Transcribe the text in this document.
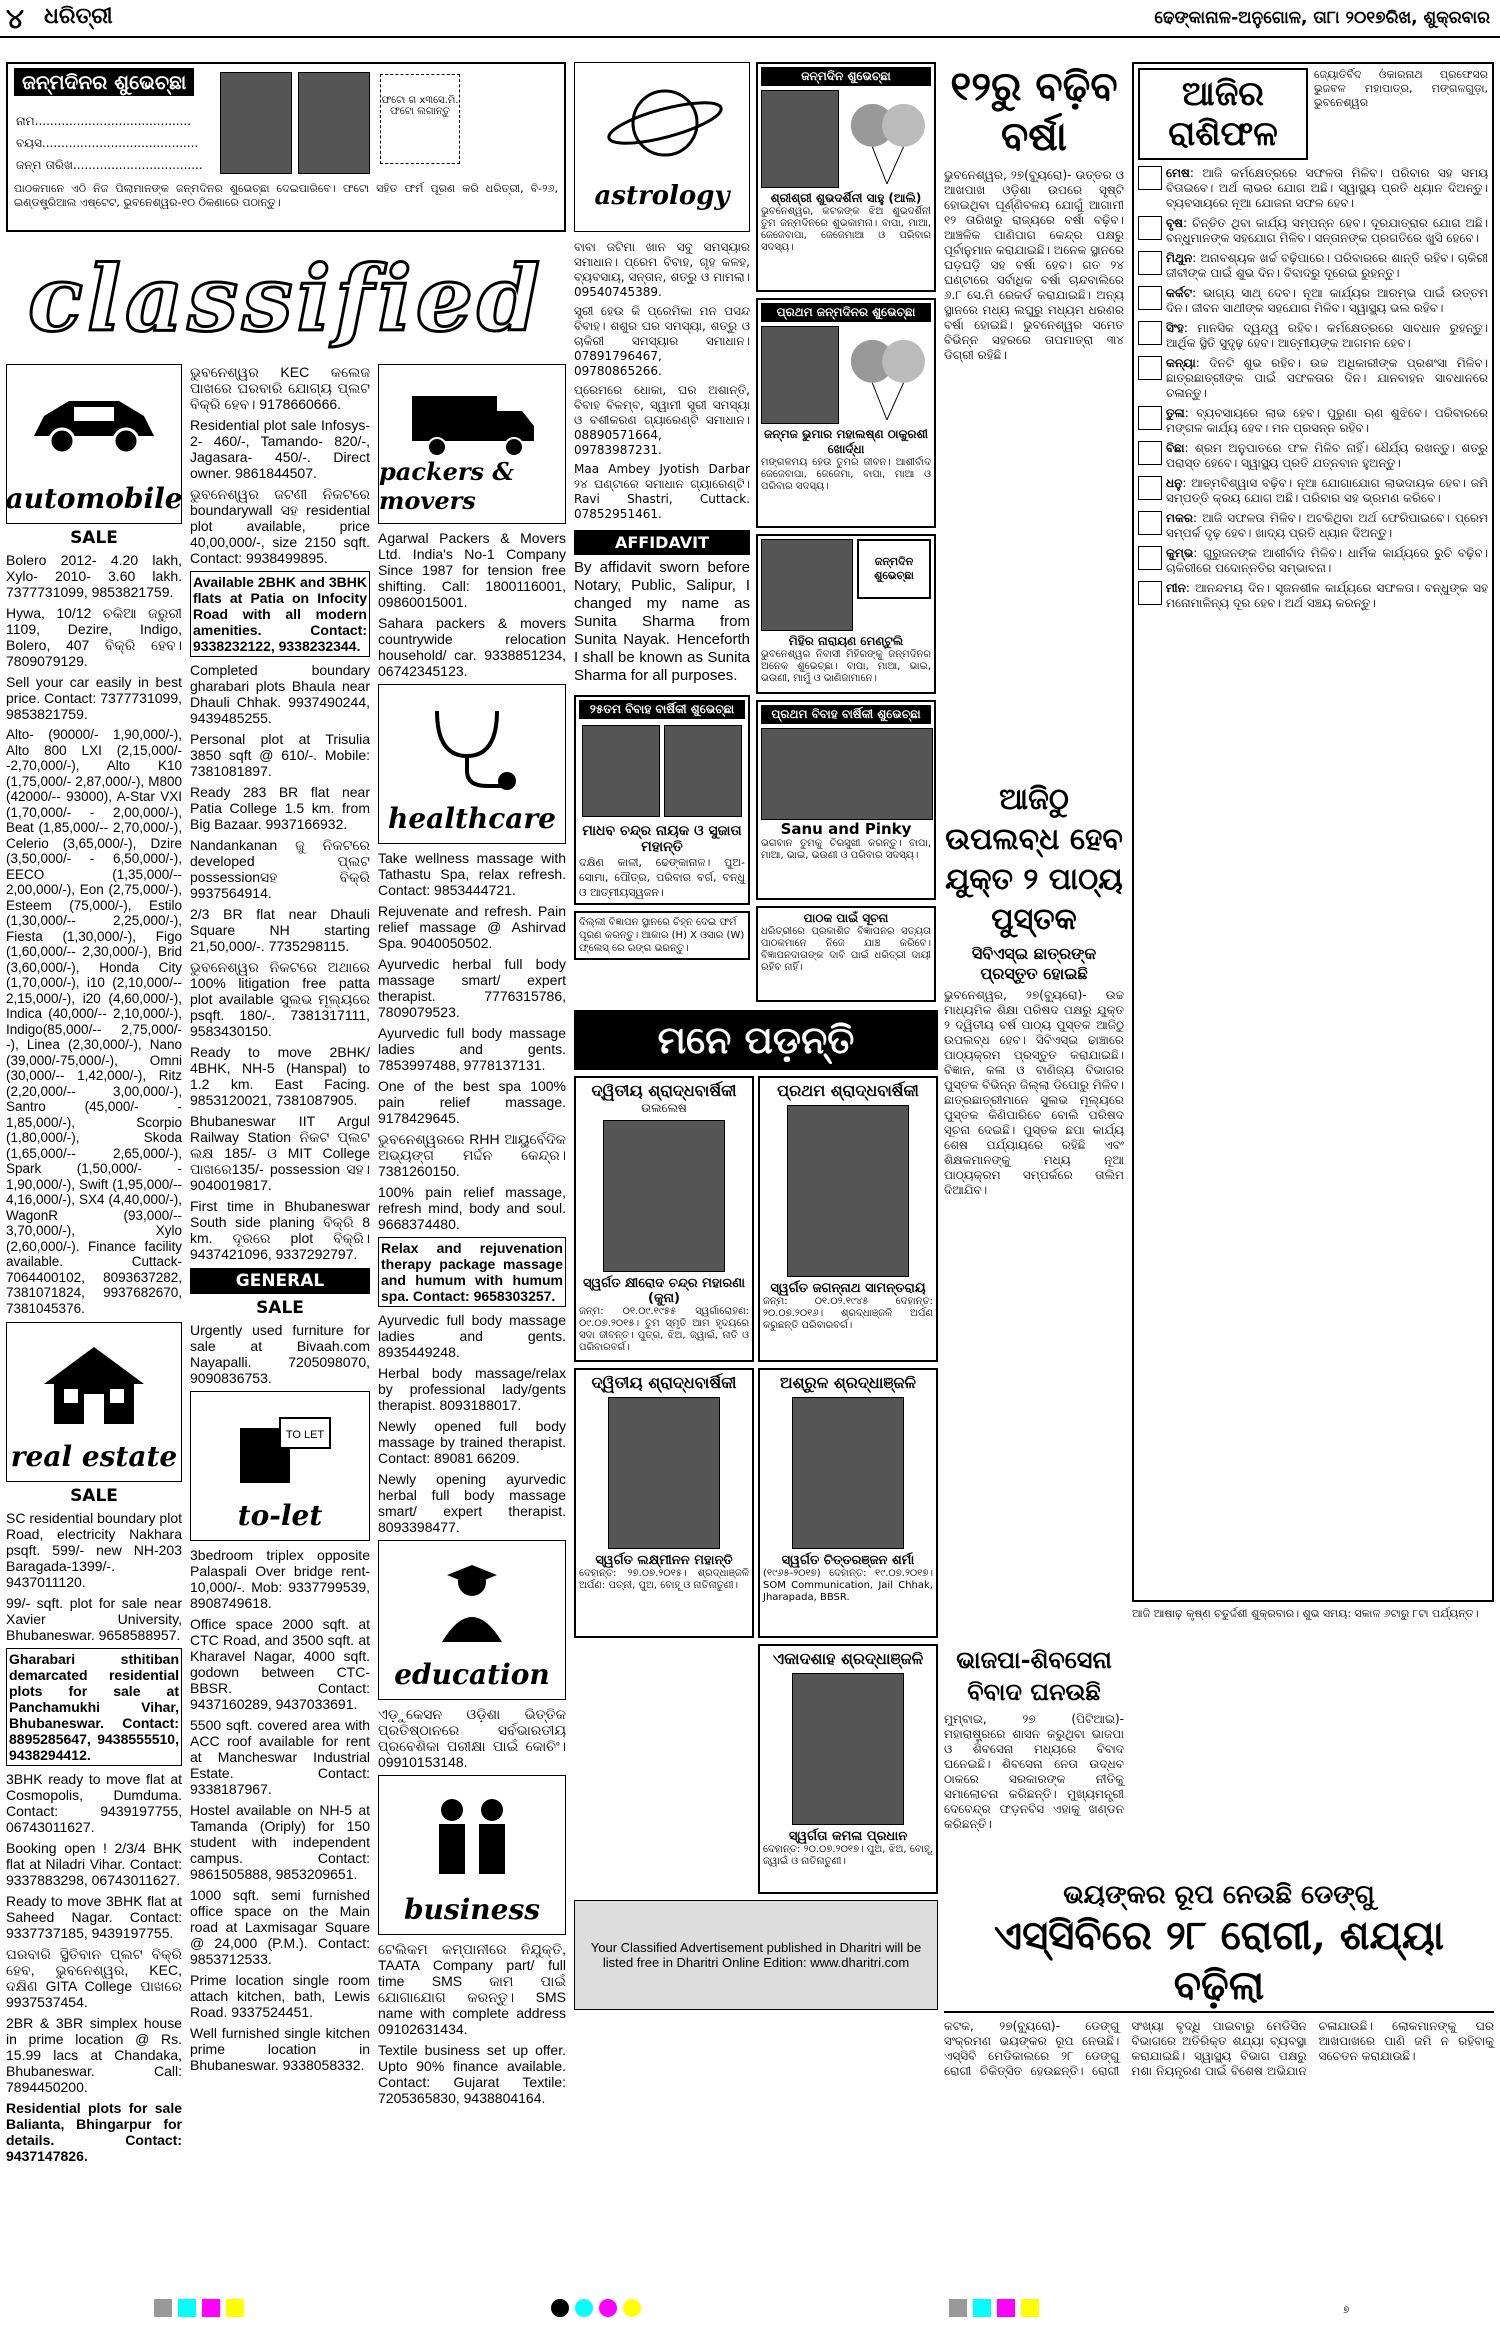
୪ ଧରିତ୍ରୀ	ଢେଙ୍କାନାଳ-ଅନୁଗୋଳ, ତା୮ା ୨୦୧୭ରିଖ, ଶୁକ୍ରବାର
ଜନ୍ମଦିନର ଶୁଭେଚ୍ଛା
ନାମ.........................................
ବୟସ.........................................
ଜନ୍ମ ତାରିଖ..................................
ଫଟୋ ଗ x୩ସେ.ମି. ଫଟୋ ଲଗାନ୍ତୁ
ପାଠକମାନେ ଏଠି ନିଜ ପିଲାମାନଙ୍କ ଜନ୍ମଦିନର ଶୁଭେଚ୍ଛା ଦେଇପାରିବେ। ଫଟୋ ସହିତ ଫର୍ମ ପୂରଣ କରି ଧରିତ୍ରୀ, ବି-୨୬, ଇଣ୍ଡଷ୍ଟ୍ରିଆଲ ଏଷ୍ଟେଟ, ଭୁବନେଶ୍ୱର-୧୦ ଠିକଣାରେ ପଠାନ୍ତୁ।	astrology
classified
automobile
SALE

Bolero 2012- 4.20 lakh, Xylo- 2010- 3.60 lakh. 7377731099, 9853821759.

Hywa, 10/12 ଚକିଆ ଜରୁରୀ 1109, Dezire, Indigo, Bolero, 407 ବିକ୍ରି ହେବ। 7809079129.

Sell your car easily in best price. Contact: 7377731099, 9853821759.

Alto- (90000/- 1,90,000/-), Alto 800 LXI (2,15,000/- -2,70,000/-), Alto K10 (1,75,000/- 2,87,000/-), M800 (42000/-- 93000), A-Star VXI (1,70,000/- - 2,00,000/-), Beat (1,85,000/-- 2,70,000/-), Celerio (3,65,000/-), Dzire (3,50,000/- - 6,50,000/-), EECO (1,35,000/-- 2,00,000/-), Eon (2,75,000/-), Esteem (75,000/-), Estilo (1,30,000/-- 2,25,000/-), Fiesta (1,30,000/-), Figo (1,60,000/-- 2,30,000/-), Brid (3,60,000/-), Honda City (1,70,000/-), i10 (2,10,000/-- 2,15,000/-), i20 (4,60,000/-), Indica (40,000/-- 2,10,000/-), Indigo(85,000/-- 2,75,000/- -), Linea (2,30,000/-), Nano (39,000/-75,000/-), Omni (30,000/-- 1,42,000/-), Ritz (2,20,000/-- 3,00,000/-), Santro (45,000/- - 1,85,000/-), Scorpio (1,80,000/-), Skoda (1,65,000/-- 2,65,000/-), Spark (1,50,000/- - 1,90,000/-), Swift (1,95,000/-- 4,16,000/-), SX4 (4,40,000/-), WagonR (93,000/-- 3,70,000/-), Xylo (2,60,000/-). Finance facility available. Cuttack-7064400102, 8093637282, 7381071824, 9937682670, 7381045376.

real estate
SALE

SC residential boundary plot Road, electricity Nakhara psqft. 599/- new NH-203 Baragada-1399/-. 9437011120.

99/- sqft. plot for sale near Xavier University, Bhubaneswar. 9658588957.

Gharabari sthitiban demarcated residential plots for sale at Panchamukhi Vihar, Bhubaneswar. Contact: 8895285647, 9438555510, 9438294412.

3BHK ready to move flat at Cosmopolis, Dumduma. Contact: 9439197755, 06743011627.

Booking open ! 2/3/4 BHK flat at Niladri Vihar. Contact: 9337883298, 06743011627.

Ready to move 3BHK flat at Saheed Nagar. Contact: 9337737185, 9439197755.

ଘରବାରି ସ୍ଥିତିବାନ ପ୍ଲଟ ବିକ୍ରି ହେବ, ଭୁବନେଶ୍ୱର, KEC, ଦକ୍ଷିଣ GITA College ପାଖରେ 9937537454.

2BR & 3BR simplex house in prime location @ Rs. 15.99 lacs at Chandaka, Bhubaneswar. Call: 7894450200.

Residential plots for sale Balianta, Bhingarpur for details. Contact: 9437147826.

ଭୁବନେଶ୍ୱର KEC କଲେଜ ପାଖରେ ଘରବାରି ଯୋଗ୍ୟ ପ୍ଲଟ ବିକ୍ରି ହେବ। 9178660666.

Residential plot sale Infosys-2- 460/-, Tamando- 820/-, Jagasara- 450/-. Direct owner. 9861844507.

ଭୁବନେଶ୍ୱର ଜଟଣୀ ନିକଟରେ boundarywall ସହ residential plot available, price 40,00,000/-, size 2150 sqft. Contact: 9938499895.

Available 2BHK and 3BHK flats at Patia on Infocity Road with all modern amenities. Contact: 9338232122, 9338232344.

Completed boundary gharabari plots Bhaula near Dhauli Chhak. 9937490244, 9439485255.

Personal plot at Trisulia 3850 sqft @ 610/-. Mobile: 7381081897.

Ready 283 BR flat near Patia College 1.5 km. from Big Bazaar. 9937166932.

Nandankanan ଜୁ ନିକଟରେ developed ପ୍ଲଟ possessionସହ ବିକ୍ରି 9937564914.

2/3 BR flat near Dhauli Square NH starting 21,50,000/-. 7735298115.

ଭୁବନେଶ୍ୱର ନିକଟରେ ଅଥାରେ 100% litigation free patta plot available ସୁଲଭ ମୂଲ୍ୟରେ psqft. 180/-. 7381317111, 9583430150.

Ready to move 2BHK/ 4BHK, NH-5 (Hanspal) to 1.2 km. East Facing. 9853120021, 7381087905.

Bhubaneswar IIT Argul Railway Station ନିକଟ ପ୍ଲଟ ଲକ୍ଷ 185/- ଓ MIT College ପାଖରେ135/- possession ସହ। 9040019817.

First time in Bhubaneswar South side planing ବିକ୍ରି 8 km. ଦୂରରେ plot ବିକ୍ରି। 9437421096, 9337292797.

GENERAL
SALE

Urgently used furniture for sale at Bivaah.com Nayapalli. 7205098070, 9090836753.

TO LET
to-let

3bedroom triplex opposite Palaspali Over bridge rent- 10,000/-. Mob: 9337799539, 8908749618.

Office space 2000 sqft. at CTC Road, and 3500 sqft. at Kharavel Nagar, 4000 sqft. godown between CTC- BBSR. Contact: 9437160289, 9437033691.

5500 sqft. covered area with ACC roof available for rent at Mancheswar Industrial Estate. Contact: 9338187967.

Hostel available on NH-5 at Tamanda (Oriply) for 150 student with independent campus. Contact: 9861505888, 9853209651.

1000 sqft. semi furnished office space on the Main road at Laxmisagar Square @ 24,000 (P.M.). Contact: 9853712533.

Prime location single room attach kitchen, bath, Lewis Road. 9337524451.

Well furnished single kitchen prime location in Bhubaneswar. 9338058332.

packers & movers

Agarwal Packers & Movers Ltd. India's No-1 Company Since 1987 for tension free shifting. Call: 1800116001, 09860015001.

Sahara packers & movers countrywide relocation household/ car. 9338851234, 06742345123.

healthcare

Take wellness massage with Tathastu Spa, relax refresh. Contact: 9853444721.

Rejuvenate and refresh. Pain relief massage @ Ashirvad Spa. 9040050502.

Ayurvedic herbal full body massage smart/ expert therapist. 7776315786, 7809079523.

Ayurvedic full body massage ladies and gents. 7853997488, 9778137131.

One of the best spa 100% pain relief massage. 9178429645.

ଭୁବନେଶ୍ୱରରେ RHH ଆୟୁର୍ବେଦିକ ଅଭ୍ୟଙ୍ଗ ମର୍ଦ୍ଦନ କେନ୍ଦ୍ର। 7381260150.

100% pain relief massage, refresh mind, body and soul. 9668374480.

Relax and rejuvenation therapy package massage and humum with humum spa. Contact: 9658303257.

Ayurvedic full body massage ladies and gents. 8935449248.

Herbal body massage/relax by professional lady/gents therapist. 8093188017.

Newly opened full body massage by trained therapist. Contact: 89081 66209.

Newly opening ayurvedic herbal full body massage smart/ expert therapist. 8093398477.

education

ଏଡ଼ୁକେସନ ଓଡ଼ିଶା ଭିତ୍ତିକ ପ୍ରତିଷ୍ଠାନରେ ସର୍ବଭାରତୀୟ ପ୍ରବେଶିକା ପରୀକ୍ଷା ପାଇଁ କୋଚିଂ। 09910153148.

business

ଟେଲିକମ କମ୍ପାନୀରେ ନିଯୁକ୍ତି, TAATA Company part/ full time SMS କାମ ପାଇଁ ଯୋଗାଯୋଗ କରନ୍ତୁ। SMS name with complete address 09102631434.

Textile business set up offer. Upto 90% finance available. Contact: Gujarat Textile: 7205365830, 9438804164.

ବାବା ଜଟିମା ଖାନ ସବୁ ସମସ୍ୟାର ସମାଧାନ। ପ୍ରେମ ବିବାହ, ଗୃହ କଳହ, ବ୍ୟବସାୟ, ସନ୍ତାନ, ଶତ୍ରୁ ଓ ମାମଲା। 09540745389.
ସ୍ତ୍ରୀ ହେଉ କି ପ୍ରେମିକା ମନ ପସନ୍ଦ ବିବାହ। ଶଶୁର ଘର ସମସ୍ୟା, ଶତ୍ରୁ ଓ ଚାକିରୀ ସମସ୍ୟାର ସମାଧାନ। 07891796467, 09780865266.
ପ୍ରେମରେ ଧୋକା, ଘର ଅଶାନ୍ତି, ବିବାହ ବିଳମ୍ବ, ସ୍ୱାମୀ ସ୍ତ୍ରୀ ସମସ୍ୟା ଓ ବଶୀକରଣ ଗ୍ୟାରେଣ୍ଟି ସମାଧାନ। 08890571664, 09783987231.
Maa Ambey Jyotish Darbar ୨୪ ଘଣ୍ଟାରେ ସମାଧାନ ଗ୍ୟାରେଣ୍ଟି। Ravi Shastri, Cuttack. 07852951461.
AFFIDAVIT
By affidavit sworn before Notary, Public, Salipur, I changed my name as Sunita Sharma from Sunita Nayak. Henceforth I shall be known as Sunita Sharma for all purposes.
୨୫ତମ ବିବାହ ବାର୍ଷିକୀ ଶୁଭେଚ୍ଛା
ମାଧବ ଚନ୍ଦ୍ର ନାୟକ ଓ ସୁଜାତା ମହାନ୍ତି
ଦକ୍ଷିଣ କାଳୀ, ଢେଙ୍କାନାଳ। ପୁଅ- ସୋମା, ପୌତ୍ର, ପରିବାର ବର୍ଗ, ବନ୍ଧୁ ଓ ଆତ୍ମୀୟସ୍ୱଜନ।
ଦିଲ୍ଲୀ ବିଜ୍ଞାପନ ସ୍ଥାନରେ ଚିହ୍ନ ଦେଇ ଫର୍ମ ପୂରଣ କରନ୍ତୁ। ଆକାର (H) X ଓସାର (W) ଫ୍ଲେସ୍ ରେ ରଙ୍ଗ ଭରନ୍ତୁ।
ଜନ୍ମଦିନ ଶୁଭେଚ୍ଛା
ଶ୍ରୀଶ୍ରୀ ଶୁଭଦର୍ଶିନୀ ସାହୁ (ଆଲି)
ଭୁବନେଶ୍ୱର, କଟକଙ୍କ ଝିଅ ଶୁଭଦର୍ଶିନୀ ତୁମ ଜନ୍ମଦିନରେ ଶୁଭକାମନା। ବାପା, ମାଆ, ଜେଜେବାପା, ଜେଜେମାଆ ଓ ପରିବାର ସଦସ୍ୟ।
ପ୍ରଥମ ଜନ୍ମଦିନର ଶୁଭେଚ୍ଛା
ଜନ୍ମଜ ଭୁମାର ମହାଲଷ୍ଣ ଠାକୁରଶୀ ଖୋର୍ଦ୍ଧା
ମଙ୍ଗଳମୟ ହେଉ ତୁମର ଜୀବନ। ଆଶୀର୍ବାଦ ଜେଜେବାପା, ଜେଜେମା, ବାପା, ମାଆ ଓ ପରିବାର ସଦସ୍ୟ।
ଜନ୍ମଦିନ ଶୁଭେଚ୍ଛା
ମିହିର ନାରାୟଣ ମେଣ୍ଟୁଲି
ଭୁବନେଶ୍ୱର ନିବାସୀ ମିହିରଙ୍କୁ ଜନ୍ମଦିନର ଅନେକ ଶୁଭେଚ୍ଛା। ବାପା, ମାଆ, ଭାଇ, ଭଉଣୀ, ମାମୁଁ ଓ ଭାଣିଜାମାନେ।
୧୨ରୁ ବଢ଼ିବ ବର୍ଷା
ଭୁବନେଶ୍ୱର, ୨୭(ବ୍ୟୁରୋ)- ଉତ୍ତର ଓ ଆଖପାଖ ଓଡ଼ିଶା ଉପରେ ସୃଷ୍ଟି ହୋଇଥିବା ଘୂର୍ଣ୍ଣିବଳୟ ଯୋଗୁଁ ଆଗାମୀ ୧୨ ତାରିଖରୁ ରାଜ୍ୟରେ ବର୍ଷା ବଢ଼ିବ। ଆଞ୍ଚଳିକ ପାଣିପାଗ କେନ୍ଦ୍ର ପକ୍ଷରୁ ପୂର୍ବାନୁମାନ କରାଯାଇଛି। ଅନେକ ସ୍ଥାନରେ ଘଡ଼ଘଡ଼ି ସହ ବର୍ଷା ହେବ। ଗତ ୨୪ ଘଣ୍ଟାରେ ସର୍ବାଧିକ ବର୍ଷା ଚାନ୍ଦବାଲିରେ ୬.୮ ସେ.ମି ରେକର୍ଡ କରାଯାଇଛି। ଅନ୍ୟ ସ୍ଥାନରେ ମଧ୍ୟ ଲଘୁରୁ ମଧ୍ୟମ ଧରଣର ବର୍ଷା ହୋଇଛି। ଭୁବନେଶ୍ୱର ସମେତ ବିଭିନ୍ନ ସହରରେ ତାପମାତ୍ରା ୩୪ ଡିଗ୍ରୀ ରହିଛି।
ପ୍ରଥମ ବିବାହ ବାର୍ଷିକୀ ଶୁଭେଚ୍ଛା
Sanu and Pinky
ଭଗବାନ ତୁମକୁ ଚିରସୁଖୀ କରନ୍ତୁ। ବାପା, ମାଆ, ଭାଇ, ଭଉଣୀ ଓ ପରିବାର ସଦସ୍ୟ।
ପାଠକ ପାଇଁ ସୂଚନା
ଧରିତ୍ରୀରେ ପ୍ରକାଶିତ ବିଜ୍ଞାପନର ସତ୍ୟତା ପାଠକମାନେ ନିଜେ ଯାଞ୍ଚ କରିବେ। ବିଜ୍ଞାପନଦାତାଙ୍କ ଦାବି ପାଇଁ ଧରିତ୍ରୀ ଦାୟୀ ରହିବ ନାହିଁ।
ଆଜିଠୁ ଉପଲବ୍ଧ ହେବ ଯୁକ୍ତ ୨ ପାଠ୍ୟ ପୁସ୍ତକ
ସିବିଏସ୍ଇ ଛାତ୍ରଙ୍କ ପ୍ରସ୍ତୁତ ହୋଇଛି
ଭୁବନେଶ୍ୱର, ୨୭(ବ୍ୟୁରୋ)- ଉଚ୍ଚ ମାଧ୍ୟମିକ ଶିକ୍ଷା ପରିଷଦ ପକ୍ଷରୁ ଯୁକ୍ତ ୨ ଦ୍ୱିତୀୟ ବର୍ଷ ପାଠ୍ୟ ପୁସ୍ତକ ଆଜିଠୁ ଉପଲବ୍ଧ ହେବ। ସିବିଏସ୍ଇ ଢାଞ୍ଚାରେ ପାଠ୍ୟକ୍ରମ ପ୍ରସ୍ତୁତ କରାଯାଇଛି। ବିଜ୍ଞାନ, କଳା ଓ ବାଣିଜ୍ୟ ବିଭାଗର ପୁସ୍ତକ ବିଭିନ୍ନ ଜିଲ୍ଲା ଡିପୋରୁ ମିଳିବ। ଛାତ୍ରଛାତ୍ରୀମାନେ ସୁଲଭ ମୂଲ୍ୟରେ ପୁସ୍ତକ କିଣିପାରିବେ ବୋଲି ପରିଷଦ ସୂଚନା ଦେଇଛି। ପୁସ୍ତକ ଛପା କାର୍ଯ୍ୟ ଶେଷ ପର୍ଯ୍ୟାୟରେ ରହିଛି ଏବଂ ଶିକ୍ଷକମାନଙ୍କୁ ମଧ୍ୟ ନୂଆ ପାଠ୍ୟକ୍ରମ ସମ୍ପର୍କରେ ତାଲିମ ଦିଆଯିବ।
ମନେ ପଡ଼ନ୍ତି
ଦ୍ୱିତୀୟ ଶ୍ରାଦ୍ଧବାର୍ଷିକୀ
ଉଲଲେଷ
ସ୍ୱର୍ଗତ କ୍ଷୀରୋଦ ଚନ୍ଦ୍ର ମହାରଣା (କୁନା)
ଜନ୍ମ: ୦୧.୦୯.୧୯୫୫ ସ୍ୱର୍ଗାରୋହଣ: ୦୯.୦୭.୨୦୧୫। ତୁମ ସ୍ମୃତି ଆମ ହୃଦୟରେ ସଦା ଜୀବନ୍ତ। ପୁତ୍ର, ଝିଅ, ଜ୍ୱାଇଁ, ନାତି ଓ ପରିବାରବର୍ଗ।
ପ୍ରଥମ ଶ୍ରାଦ୍ଧବାର୍ଷିକୀ
ସ୍ୱର୍ଗତ ଜଗନ୍ନାଥ ସାମନ୍ତରାୟ
ଜନ୍ମ: ୦୧.୦୨.୧୯୪୫ ଦେହାନ୍ତ: ୨୦.୦୭.୨୦୧୬। ଶ୍ରଦ୍ଧାଞ୍ଜଳି ଅର୍ପଣ କରୁଛନ୍ତି ପରିବାରବର୍ଗ।
ଦ୍ୱିତୀୟ ଶ୍ରାଦ୍ଧବାର୍ଷିକୀ
ସ୍ୱର୍ଗତ ଲକ୍ଷ୍ମୀନନ ମହାନ୍ତି
ଦେହାନ୍ତ: ୨୭.୦୭.୨୦୧୫। ଶ୍ରଦ୍ଧାଞ୍ଜଳି ଅର୍ପଣ: ପତ୍ନୀ, ପୁଅ, ବୋହୂ ଓ ନାତିନାତୁଣୀ।
ଅଶ୍ରୁଳ ଶ୍ରଦ୍ଧାଞ୍ଜଳି
ସ୍ୱର୍ଗତ ଚିତ୍ତରଞ୍ଜନ ଶର୍ମା
(୧୯୬୫-୨୦୧୭) ଦେହାନ୍ତ: ୧୯.୦୭.୨୦୧୭। SOM Communication, Jail Chhak, Jharapada, BBSR.
ଏକାଦଶାହ ଶ୍ରଦ୍ଧାଞ୍ଜଳି
ସ୍ୱର୍ଗତା କମଳା ପ୍ରଧାନ
ଦେହାନ୍ତ: ୨୦.୦୭.୨୦୧୭। ପୁଅ, ଝିଅ, ବୋହୂ, ଜ୍ୱାଇଁ ଓ ନାତିନାତୁଣୀ।
Your Classified Advertisement published in Dharitri will be listed free in Dharitri Online Edition: www.dharitri.com
ଭାଜପା-ଶିବସେନା ବିବାଦ ଘନଉଛି
ମୁମ୍ବାଇ, ୨୭ (ପିଟିଆଇ)- ମହାରାଷ୍ଟ୍ରରେ ଶାସନ କରୁଥିବା ଭାଜପା ଓ ଶିବସେନା ମଧ୍ୟରେ ବିବାଦ ଘନେଇଛି। ଶିବସେନା ନେତା ଉଦ୍ଧବ ଠାକରେ ସରକାରଙ୍କ ନୀତିକୁ ସମାଲୋଚନା କରିଛନ୍ତି। ମୁଖ୍ୟମନ୍ତ୍ରୀ ଦେବେନ୍ଦ୍ର ଫଡ଼ନବିସ ଏହାକୁ ଖଣ୍ଡନ କରିଛନ୍ତି।
ଆଜିର ରାଶିଫଳ
ଜ୍ୟୋତିର୍ବିଦ ଓଁକାରନାଥ ପ୍ରଫେସର ଭୁଜବଳ ମହାପାତ୍ର, ମଙ୍ଗଳଗୁଡ଼ା, ଭୁବନେଶ୍ୱର
ମେଷ: ଆଜି କର୍ମକ୍ଷେତ୍ରରେ ସଫଳତା ମିଳିବ। ପରିବାର ସହ ସମୟ ବିତାଇବେ। ଅର୍ଥ ଲାଭର ଯୋଗ ଅଛି। ସ୍ୱାସ୍ଥ୍ୟ ପ୍ରତି ଧ୍ୟାନ ଦିଅନ୍ତୁ। ବ୍ୟବସାୟରେ ନୂଆ ଯୋଜନା ସଫଳ ହେବ।
ବୃଷ: ଚିନ୍ତିତ ଥିବା କାର୍ଯ୍ୟ ସମ୍ପନ୍ନ ହେବ। ଦୂରଯାତ୍ରାର ଯୋଗ ଅଛି। ବନ୍ଧୁମାନଙ୍କ ସହଯୋଗ ମିଳିବ। ସନ୍ତାନଙ୍କ ପ୍ରଗତିରେ ଖୁସି ହେବେ।
ମିଥୁନ: ଅନାବଶ୍ୟକ ଖର୍ଚ୍ଚ ବଢ଼ିପାରେ। ପରିବାରରେ ଶାନ୍ତି ରହିବ। ଚାକିରୀ ଜୀବୀଙ୍କ ପାଇଁ ଶୁଭ ଦିନ। ବିବାଦରୁ ଦୂରେଇ ରୁହନ୍ତୁ।
କର୍କଟ: ଭାଗ୍ୟ ସାଥ୍ ଦେବ। ନୂଆ କାର୍ଯ୍ୟର ଆରମ୍ଭ ପାଇଁ ଉତ୍ତମ ଦିନ। ଜୀବନ ସାଥୀଙ୍କ ସହଯୋଗ ମିଳିବ। ସ୍ୱାସ୍ଥ୍ୟ ଭଲ ରହିବ।
ସିଂହ: ମାନସିକ ଦ୍ୱନ୍ଦ୍ୱ ରହିବ। କର୍ମକ୍ଷେତ୍ରରେ ସାବଧାନ ରୁହନ୍ତୁ। ଆର୍ଥିକ ସ୍ଥିତି ସୁଦୃଢ଼ ହେବ। ଆତ୍ମୀୟଙ୍କ ଆଗମନ ହେବ।
କନ୍ୟା: ଦିନଟି ଶୁଭ ରହିବ। ଉଚ୍ଚ ଅଧିକାରୀଙ୍କ ପ୍ରଶଂସା ମିଳିବ। ଛାତ୍ରଛାତ୍ରୀଙ୍କ ପାଇଁ ସଫଳତାର ଦିନ। ଯାନବାହନ ସାବଧାନରେ ଚଳାନ୍ତୁ।
ତୁଳା: ବ୍ୟବସାୟରେ ଲାଭ ହେବ। ପୁରୁଣା ଋଣ ଶୁଝିବେ। ପରିବାରରେ ମଙ୍ଗଳ କାର୍ଯ୍ୟ ହେବ। ମନ ପ୍ରସନ୍ନ ରହିବ।
ବିଛା: ଶ୍ରମ ଅନୁପାତରେ ଫଳ ମିଳିବ ନାହିଁ। ଧୈର୍ଯ୍ୟ ରଖନ୍ତୁ। ଶତ୍ରୁ ପରାସ୍ତ ହେବେ। ସ୍ୱାସ୍ଥ୍ୟ ପ୍ରତି ଯତ୍ନବାନ ହୁଅନ୍ତୁ।
ଧନୁ: ଆତ୍ମବିଶ୍ୱାସ ବଢ଼ିବ। ନୂଆ ଯୋଗାଯୋଗ ଲାଭଦାୟକ ହେବ। ଜମି ସମ୍ପତ୍ତି କ୍ରୟ ଯୋଗ ଅଛି। ପରିବାର ସହ ଭ୍ରମଣ କରିବେ।
ମକର: ଆଜି ସଫଳତା ମିଳିବ। ଅଟକିଥିବା ଅର୍ଥ ଫେରିପାଇବେ। ପ୍ରେମ ସମ୍ପର୍କ ଦୃଢ଼ ହେବ। ଖାଦ୍ୟ ପ୍ରତି ଧ୍ୟାନ ଦିଅନ୍ତୁ।
କୁମ୍ଭ: ଗୁରୁଜନଙ୍କ ଆଶୀର୍ବାଦ ମିଳିବ। ଧାର୍ମିକ କାର୍ଯ୍ୟରେ ରୁଚି ବଢ଼ିବ। ଚାକିରୀରେ ପଦୋନ୍ନତିର ସମ୍ଭାବନା।
ମୀନ: ଆନନ୍ଦମୟ ଦିନ। ସୃଜନଶୀଳ କାର୍ଯ୍ୟରେ ସଫଳତା। ବନ୍ଧୁଙ୍କ ସହ ମନୋମାଳିନ୍ୟ ଦୂର ହେବ। ଅର୍ଥ ସଞ୍ଚୟ କରନ୍ତୁ।
ଆଜି ଆଷାଢ଼ କୃଷ୍ଣ ଚତୁର୍ଦ୍ଦଶୀ ଶୁକ୍ରବାର। ଶୁଭ ସମୟ: ସକାଳ ୬ଟାରୁ ୮ଟା ପର୍ଯ୍ୟନ୍ତ।
ଭୟଙ୍କର ରୂପ ନେଉଛି ଡେଙ୍ଗୁ
ଏସ୍‌ସିବିରେ ୨୮ ରୋଗୀ, ଶଯ୍ୟା ବଢ଼ିଲା
କଟକ, ୨୭(ବ୍ୟୁରୋ)- ଡେଙ୍ଗୁ ସଂକ୍ରମଣ ଭୟଙ୍କର ରୂପ ନେଉଛି। ଏସ୍‌ସିବି ମେଡିକାଲରେ ୨୮ ଡେଙ୍ଗୁ ରୋଗୀ ଚିକିତ୍ସିତ ହେଉଛନ୍ତି। ରୋଗୀ ସଂଖ୍ୟା ବୃଦ୍ଧି ପାଇବାରୁ ମେଡିସିନ ବିଭାଗରେ ଅତିରିକ୍ତ ଶଯ୍ୟା ବ୍ୟବସ୍ଥା କରାଯାଇଛି। ସ୍ୱାସ୍ଥ୍ୟ ବିଭାଗ ପକ୍ଷରୁ ମଶା ନିୟନ୍ତ୍ରଣ ପାଇଁ ବିଶେଷ ଅଭିଯାନ ଚଳାଯାଉଛି। ଲୋକମାନଙ୍କୁ ଘର ଆଖପାଖରେ ପାଣି ଜମି ନ ରହିବାକୁ ସଚେତନ କରାଯାଉଛି।
୭
